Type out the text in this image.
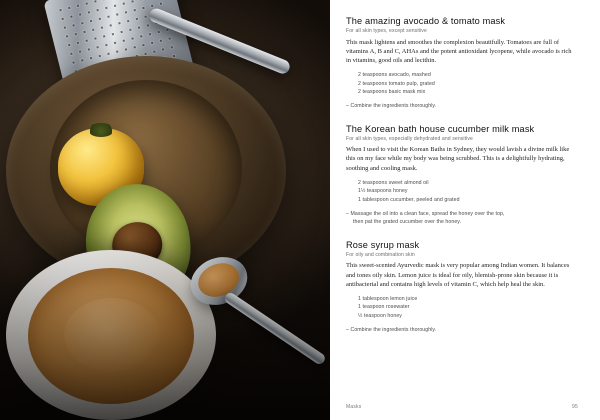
The amazing avocado & tomato mask
For all skin types, except sensitive

This mask lightens and smoothes the complexion beautifully. Tomatoes are full of vitamins A, B and C, AHAs and the potent antioxidant lycopene, while avocado is rich in vitamins, good oils and lecithin.

2 teaspoons avocado, mashed
2 teaspoons tomato pulp, grated
2 teaspoons basic mask mix
– Combine the ingredients thoroughly.
The Korean bath house cucumber milk mask
For all skin types, especially dehydrated and sensitive

When I used to visit the Korean Baths in Sydney, they would lavish a divine milk like this on my face while my body was being scrubbed. This is a delightfully hydrating, soothing and cooling mask.

2 teaspoons sweet almond oil
1½ teaspoons honey
1 tablespoon cucumber, peeled and grated
– Massage the oil into a clean face, spread the honey over the top,
then pat the grated cucumber over the honey.
Rose syrup mask
For oily and combination skin

This sweet-scented Ayurvedic mask is very popular among Indian women. It balances and tones oily skin. Lemon juice is ideal for oily, blemish-prone skin because it is antibacterial and contains high levels of vitamin C, which help heal the skin.

1 tablespoon lemon juice
1 teaspoon rosewater
½ teaspoon honey
– Combine the ingredients thoroughly.
Masks	95
